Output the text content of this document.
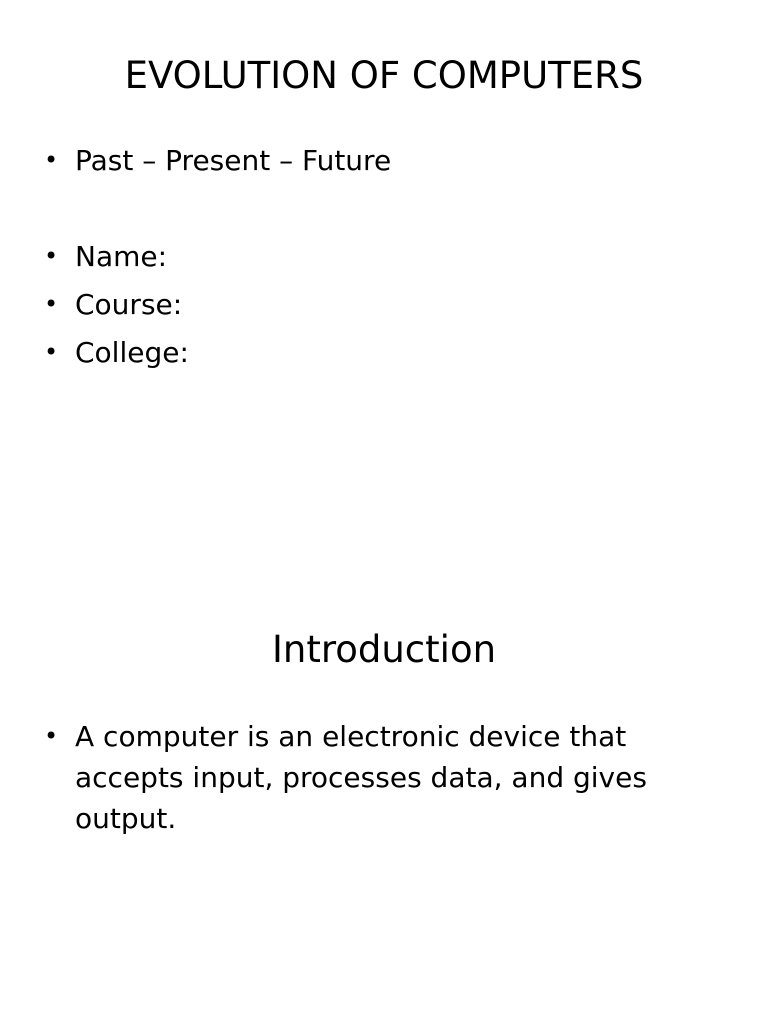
EVOLUTION OF COMPUTERS
• Past – Present – Future
• Name:
• Course:
• College:
Introduction
• A computer is an electronic device that accepts input, processes data, and gives output.
